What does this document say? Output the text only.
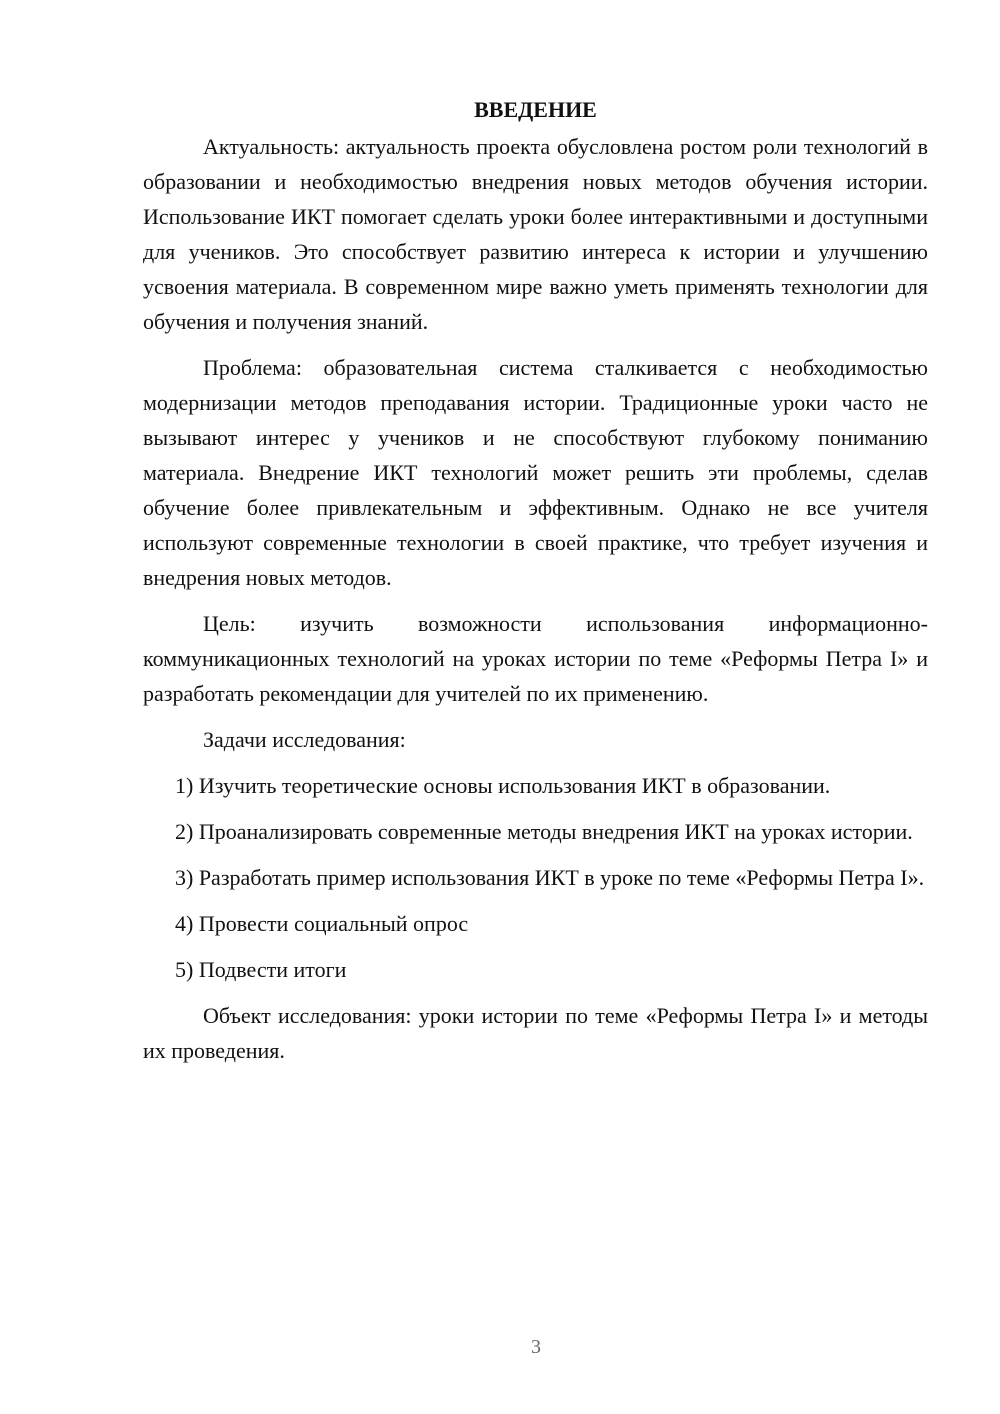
ВВЕДЕНИЕ

Актуальность: актуальность проекта обусловлена ростом роли технологий в образовании и необходимостью внедрения новых методов обучения истории. Использование ИКТ помогает сделать уроки более интерактивными и доступными для учеников. Это способствует развитию интереса к истории и улучшению усвоения материала. В современном мире важно уметь применять технологии для обучения и получения знаний.

Проблема: образовательная система сталкивается с необходимостью модернизации методов преподавания истории. Традиционные уроки часто не вызывают интерес у учеников и не способствуют глубокому пониманию материала. Внедрение ИКТ технологий может решить эти проблемы, сделав обучение более привлекательным и эффективным. Однако не все учителя используют современные технологии в своей практике, что требует изучения и внедрения новых методов.

Цель: изучить возможности использования информационно-коммуникационных технологий на уроках истории по теме «Реформы Петра I» и разработать рекомендации для учителей по их применению.

Задачи исследования:

1) Изучить теоретические основы использования ИКТ в образовании.

2) Проанализировать современные методы внедрения ИКТ на уроках истории.

3) Разработать пример использования ИКТ в уроке по теме «Реформы Петра I».

4) Провести социальный опрос

5) Подвести итоги

Объект исследования: уроки истории по теме «Реформы Петра I» и методы их проведения.

3
